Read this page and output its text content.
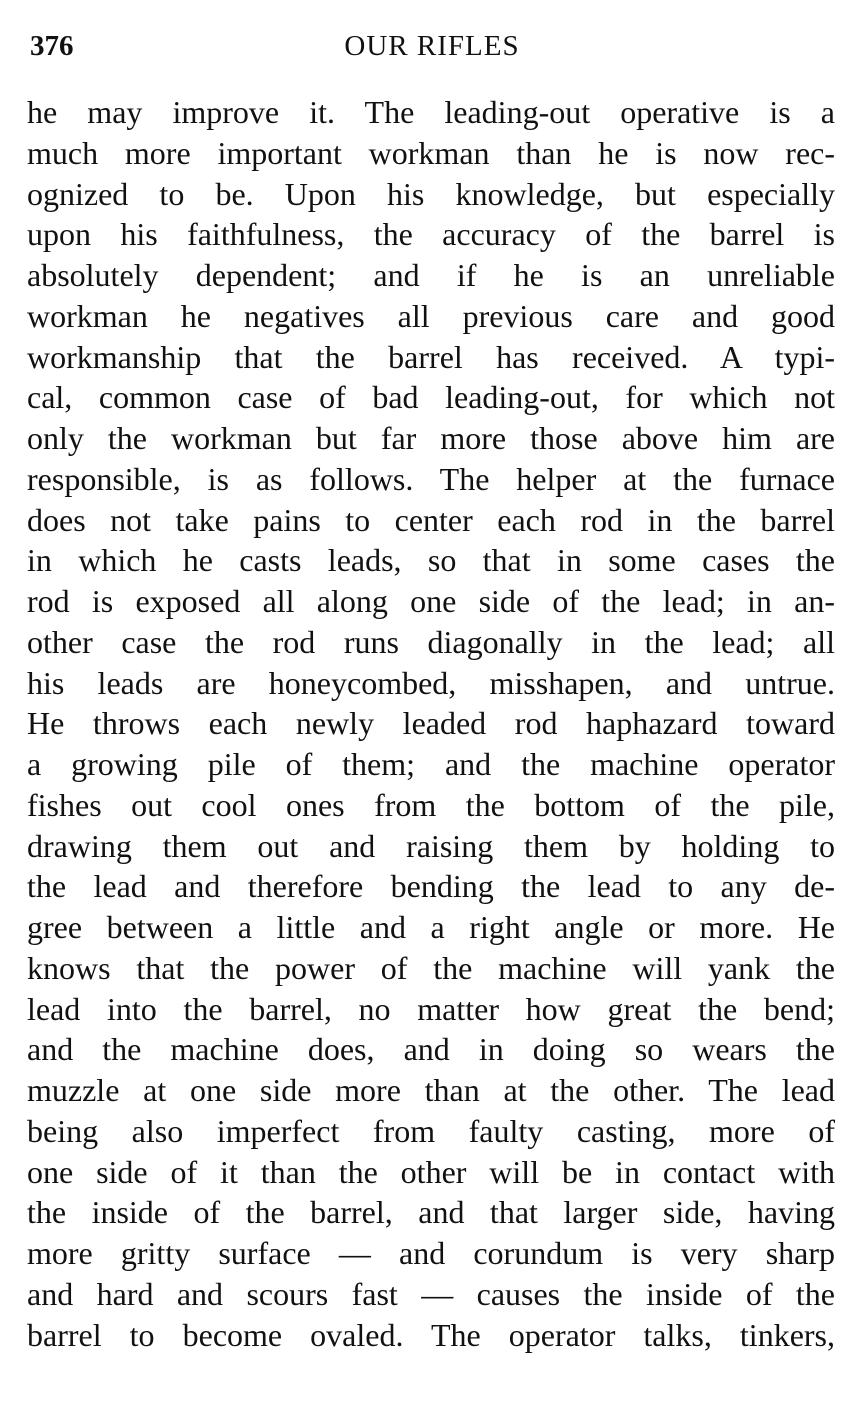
376	OUR RIFLES
he may improve it. The leading-out operative is a
much more important workman than he is now rec-
ognized to be. Upon his knowledge, but especially
upon his faithfulness, the accuracy of the barrel is
absolutely dependent; and if he is an unreliable
workman he negatives all previous care and good
workmanship that the barrel has received. A typi-
cal, common case of bad leading-out, for which not
only the workman but far more those above him are
responsible, is as follows. The helper at the furnace
does not take pains to center each rod in the barrel
in which he casts leads, so that in some cases the
rod is exposed all along one side of the lead; in an-
other case the rod runs diagonally in the lead; all
his leads are honeycombed, misshapen, and untrue.
He throws each newly leaded rod haphazard toward
a growing pile of them; and the machine operator
fishes out cool ones from the bottom of the pile,
drawing them out and raising them by holding to
the lead and therefore bending the lead to any de-
gree between a little and a right angle or more. He
knows that the power of the machine will yank the
lead into the barrel, no matter how great the bend;
and the machine does, and in doing so wears the
muzzle at one side more than at the other. The lead
being also imperfect from faulty casting, more of
one side of it than the other will be in contact with
the inside of the barrel, and that larger side, having
more gritty surface — and corundum is very sharp
and hard and scours fast — causes the inside of the
barrel to become ovaled. The operator talks, tinkers,
